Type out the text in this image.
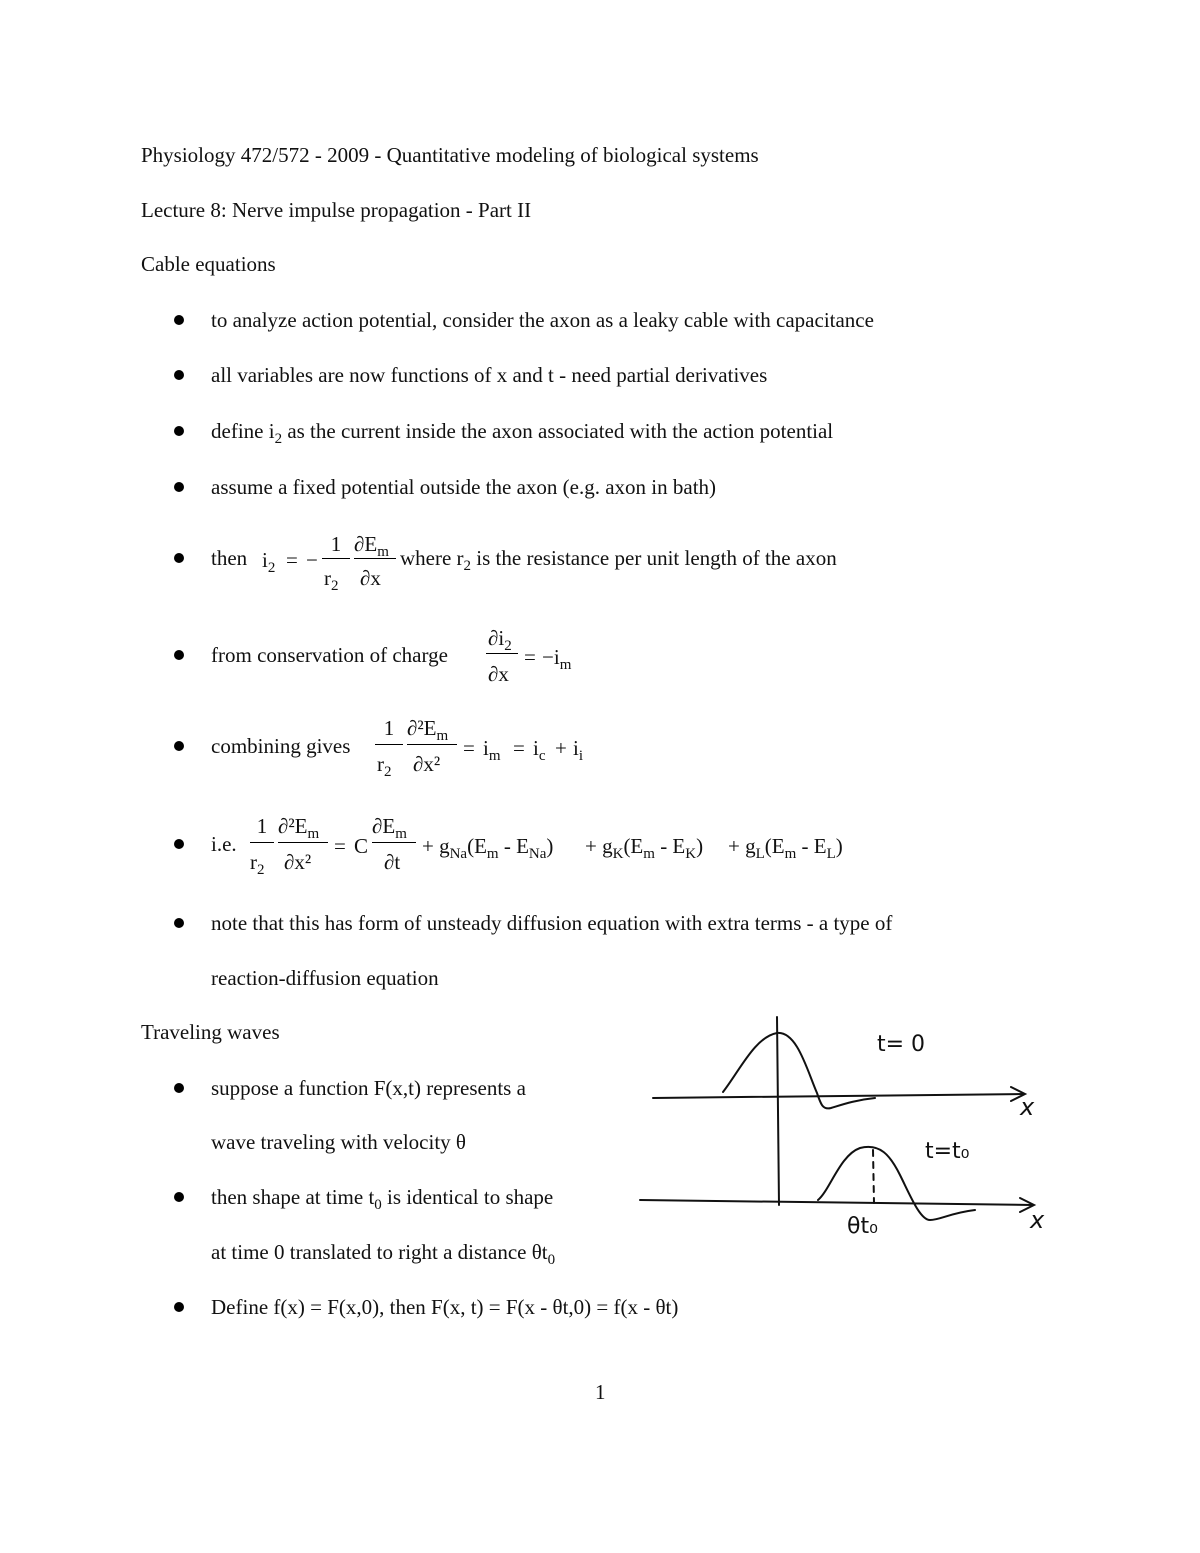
Physiology 472/572 - 2009 - Quantitative modeling of biological systems
Lecture 8: Nerve impulse propagation - Part II
Cable equations
to analyze action potential, consider the axon as a leaky cable with capacitance
all variables are now functions of x and t - need partial derivatives
define $i_2$ as the current inside the axon associated with the action potential
assume a fixed potential outside the axon (e.g. axon in bath)
then $i_2$ = −
1
$r_2$
$\partial E_m$
∂x
where $r_2$ is the resistance per unit length of the axon
from conservation of charge
$\partial i_2$
∂x
= $-i_m$
combining gives
1
$r_2$
$\partial^2E_m$
∂x²
= $i_m = i_c + i_i$
i.e.
1
$r_2$
$\partial^2E_m$
∂x²
= C
$\partial E_m$
∂t
+ $g_{Na}(E_m - E_{Na}) + g_K(E_m - E_K) + g_L(E_m - E_L)$
note that this has form of unsteady diffusion equation with extra terms - a type of
reaction-diffusion equation
Traveling waves
suppose a function F(x,t) represents a
wave traveling with velocity θ
then shape at time $t_0$ is identical to shape
at time 0 translated to right a distance $\theta t_0$
Define f(x) = F(x,0), then F(x, t) = F(x - θt,0) = f(x - θt)
t= 0
x
t=t₀
x
θt₀
1
